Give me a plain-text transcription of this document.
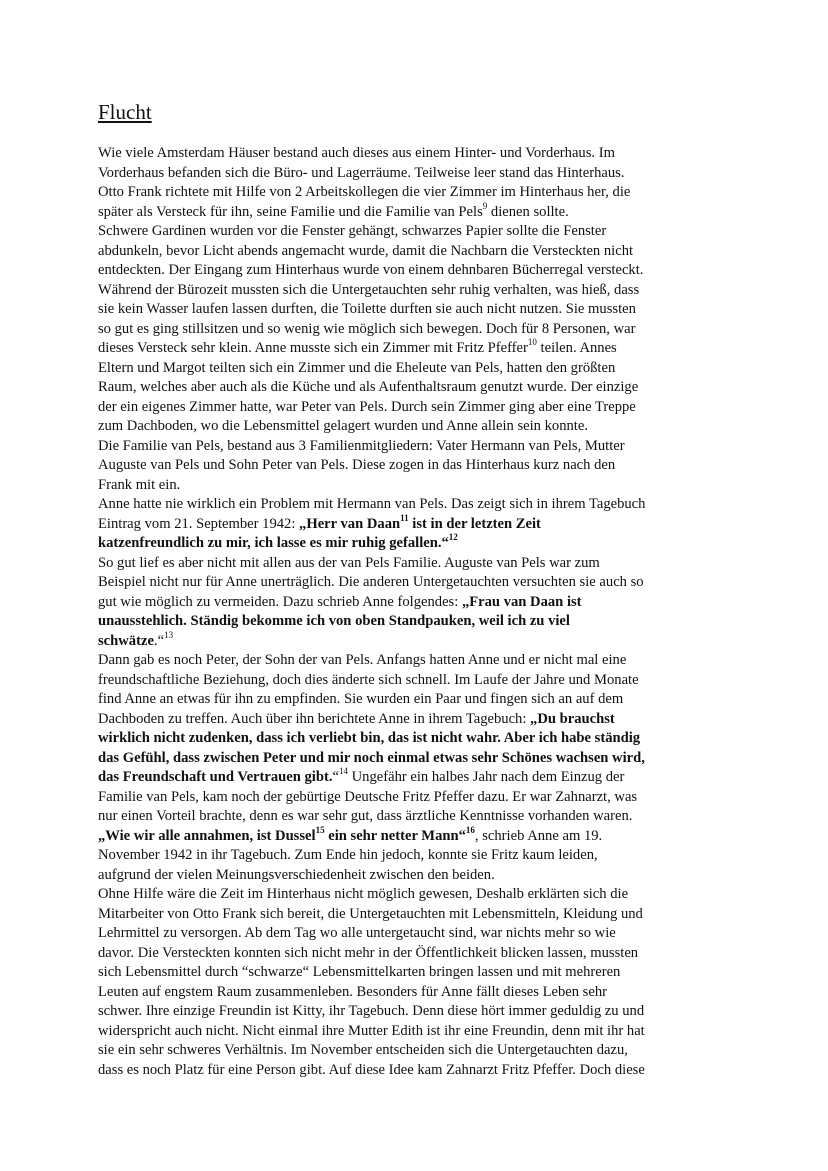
Flucht
Wie viele Amsterdam Häuser bestand auch dieses aus einem Hinter- und Vorderhaus. Im
Vorderhaus befanden sich die Büro- und Lagerräume. Teilweise leer stand das Hinterhaus.
Otto Frank richtete mit Hilfe von 2 Arbeitskollegen die vier Zimmer im Hinterhaus her, die
später als Versteck für ihn, seine Familie und die Familie van Pels$^9$ dienen sollte.
Schwere Gardinen wurden vor die Fenster gehängt, schwarzes Papier sollte die Fenster
abdunkeln, bevor Licht abends angemacht wurde, damit die Nachbarn die Versteckten nicht
entdeckten. Der Eingang zum Hinterhaus wurde von einem dehnbaren Bücherregal versteckt.
Während der Bürozeit mussten sich die Untergetauchten sehr ruhig verhalten, was hieß, dass
sie kein Wasser laufen lassen durften, die Toilette durften sie auch nicht nutzen. Sie mussten
so gut es ging stillsitzen und so wenig wie möglich sich bewegen. Doch für 8 Personen, war
dieses Versteck sehr klein. Anne musste sich ein Zimmer mit Fritz Pfeffer$^{10}$ teilen. Annes
Eltern und Margot teilten sich ein Zimmer und die Eheleute van Pels, hatten den größten
Raum, welches aber auch als die Küche und als Aufenthaltsraum genutzt wurde. Der einzige
der ein eigenes Zimmer hatte, war Peter van Pels. Durch sein Zimmer ging aber eine Treppe
zum Dachboden, wo die Lebensmittel gelagert wurden und Anne allein sein konnte.
Die Familie van Pels, bestand aus 3 Familienmitgliedern: Vater Hermann van Pels, Mutter
Auguste van Pels und Sohn Peter van Pels. Diese zogen in das Hinterhaus kurz nach den
Frank mit ein.
Anne hatte nie wirklich ein Problem mit Hermann van Pels. Das zeigt sich in ihrem Tagebuch
Eintrag vom 21. September 1942: „Herr van Daan$^{11}$ ist in der letzten Zeit
katzenfreundlich zu mir, ich lasse es mir ruhig gefallen.“$^{12}$
So gut lief es aber nicht mit allen aus der van Pels Familie. Auguste van Pels war zum
Beispiel nicht nur für Anne unerträglich. Die anderen Untergetauchten versuchten sie auch so
gut wie möglich zu vermeiden. Dazu schrieb Anne folgendes: „Frau van Daan ist
unausstehlich. Ständig bekomme ich von oben Standpauken, weil ich zu viel
schwätze.“$^{13}$
Dann gab es noch Peter, der Sohn der van Pels. Anfangs hatten Anne und er nicht mal eine
freundschaftliche Beziehung, doch dies änderte sich schnell. Im Laufe der Jahre und Monate
find Anne an etwas für ihn zu empfinden. Sie wurden ein Paar und fingen sich an auf dem
Dachboden zu treffen. Auch über ihn berichtete Anne in ihrem Tagebuch: „Du brauchst
wirklich nicht zudenken, dass ich verliebt bin, das ist nicht wahr. Aber ich habe ständig
das Gefühl, dass zwischen Peter und mir noch einmal etwas sehr Schönes wachsen wird,
das Freundschaft und Vertrauen gibt.“$^{14}$ Ungefähr ein halbes Jahr nach dem Einzug der
Familie van Pels, kam noch der gebürtige Deutsche Fritz Pfeffer dazu. Er war Zahnarzt, was
nur einen Vorteil brachte, denn es war sehr gut, dass ärztliche Kenntnisse vorhanden waren.
„Wie wir alle annahmen, ist Dussel$^{15}$ ein sehr netter Mann“$^{16}$, schrieb Anne am 19.
November 1942 in ihr Tagebuch. Zum Ende hin jedoch, konnte sie Fritz kaum leiden,
aufgrund der vielen Meinungsverschiedenheit zwischen den beiden.
Ohne Hilfe wäre die Zeit im Hinterhaus nicht möglich gewesen, Deshalb erklärten sich die
Mitarbeiter von Otto Frank sich bereit, die Untergetauchten mit Lebensmitteln, Kleidung und
Lehrmittel zu versorgen. Ab dem Tag wo alle untergetaucht sind, war nichts mehr so wie
davor. Die Versteckten konnten sich nicht mehr in der Öffentlichkeit blicken lassen, mussten
sich Lebensmittel durch “schwarze“ Lebensmittelkarten bringen lassen und mit mehreren
Leuten auf engstem Raum zusammenleben. Besonders für Anne fällt dieses Leben sehr
schwer. Ihre einzige Freundin ist Kitty, ihr Tagebuch. Denn diese hört immer geduldig zu und
widerspricht auch nicht. Nicht einmal ihre Mutter Edith ist ihr eine Freundin, denn mit ihr hat
sie ein sehr schweres Verhältnis. Im November entscheiden sich die Untergetauchten dazu,
dass es noch Platz für eine Person gibt. Auf diese Idee kam Zahnarzt Fritz Pfeffer. Doch diese
